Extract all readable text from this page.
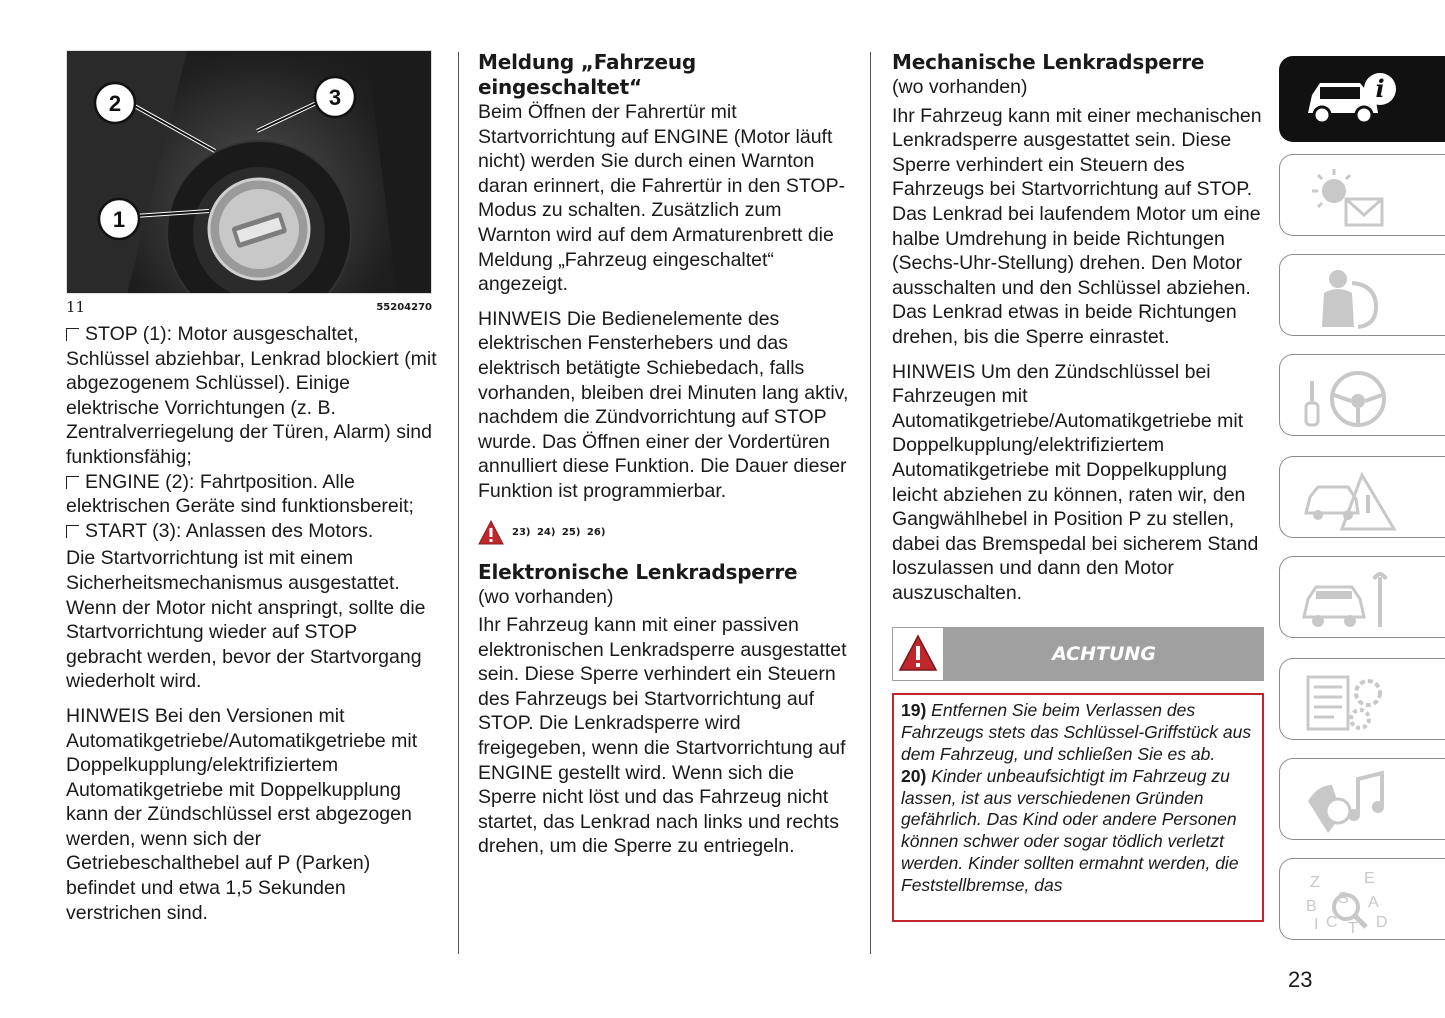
2	3
1
11	55204270

STOP (1): Motor ausgeschaltet, Schlüssel abziehbar, Lenkrad blockiert (mit abgezogenem Schlüssel). Einige elektrische Vorrichtungen (z. B. Zentralverriegelung der Türen, Alarm) sind funktionsfähig;

ENGINE (2): Fahrtposition. Alle elektrischen Geräte sind funktionsbereit;

START (3): Anlassen des Motors.

Die Startvorrichtung ist mit einem Sicherheitsmechanismus ausgestattet. Wenn der Motor nicht anspringt, sollte die Startvorrichtung wieder auf STOP gebracht werden, bevor der Startvorgang wiederholt wird.

HINWEIS Bei den Versionen mit Automatikgetriebe/Automatikgetriebe mit Doppelkupplung/elektrifiziertem Automatikgetriebe mit Doppelkupplung kann der Zündschlüssel erst abgezogen werden, wenn sich der Getriebeschalthebel auf P (Parken) befindet und etwa 1,5 Sekunden verstrichen sind.

Meldung „Fahrzeug eingeschaltet“

Beim Öffnen der Fahrertür mit Startvorrichtung auf ENGINE (Motor läuft nicht) werden Sie durch einen Warnton daran erinnert, die Fahrertür in den STOP-Modus zu schalten. Zusätzlich zum Warnton wird auf dem Armaturenbrett die Meldung „Fahrzeug eingeschaltet“ angezeigt.

HINWEIS Die Bedienelemente des elektrischen Fensterhebers und das elektrisch betätigte Schiebedach, falls vorhanden, bleiben drei Minuten lang aktiv, nachdem die Zündvorrichtung auf STOP wurde. Das Öffnen einer der Vordertüren annulliert diese Funktion. Die Dauer dieser Funktion ist programmierbar.

23) 24) 25) 26)
Elektronische Lenkradsperre

(wo vorhanden)

Ihr Fahrzeug kann mit einer passiven elektronischen Lenkradsperre ausgestattet sein. Diese Sperre verhindert ein Steuern des Fahrzeugs bei Startvorrichtung auf STOP. Die Lenkradsperre wird freigegeben, wenn die Startvorrichtung auf ENGINE gestellt wird. Wenn sich die Sperre nicht löst und das Fahrzeug nicht startet, das Lenkrad nach links und rechts drehen, um die Sperre zu entriegeln.

Mechanische Lenkradsperre

(wo vorhanden)

Ihr Fahrzeug kann mit einer mechanischen Lenkradsperre ausgestattet sein. Diese Sperre verhindert ein Steuern des Fahrzeugs bei Startvorrichtung auf STOP. Das Lenkrad bei laufendem Motor um eine halbe Umdrehung in beide Richtungen (Sechs-Uhr-Stellung) drehen. Den Motor ausschalten und den Schlüssel abziehen. Das Lenkrad etwas in beide Richtungen drehen, bis die Sperre einrastet.

HINWEIS Um den Zündschlüssel bei Fahrzeugen mit Automatikgetriebe/Automatikgetriebe mit Doppelkupplung/elektrifiziertem Automatikgetriebe mit Doppelkupplung leicht abziehen zu können, raten wir, den Gangwählhebel in Position P zu stellen, dabei das Bremspedal bei sicherem Stand loszulassen und dann den Motor auszuschalten.

ACHTUNG

19) Entfernen Sie beim Verlassen des Fahrzeugs stets das Schlüssel-Griffstück aus dem Fahrzeug, und schließen Sie es ab.

20) Kinder unbeaufsichtigt im Fahrzeug zu lassen, ist aus verschiedenen Gründen gefährlich. Das Kind oder andere Personen können schwer oder sogar tödlich verletzt werden. Kinder sollten ermahnt werden, die Feststellbremse, das

i
Z	E
S A
B
C T D
I
23
